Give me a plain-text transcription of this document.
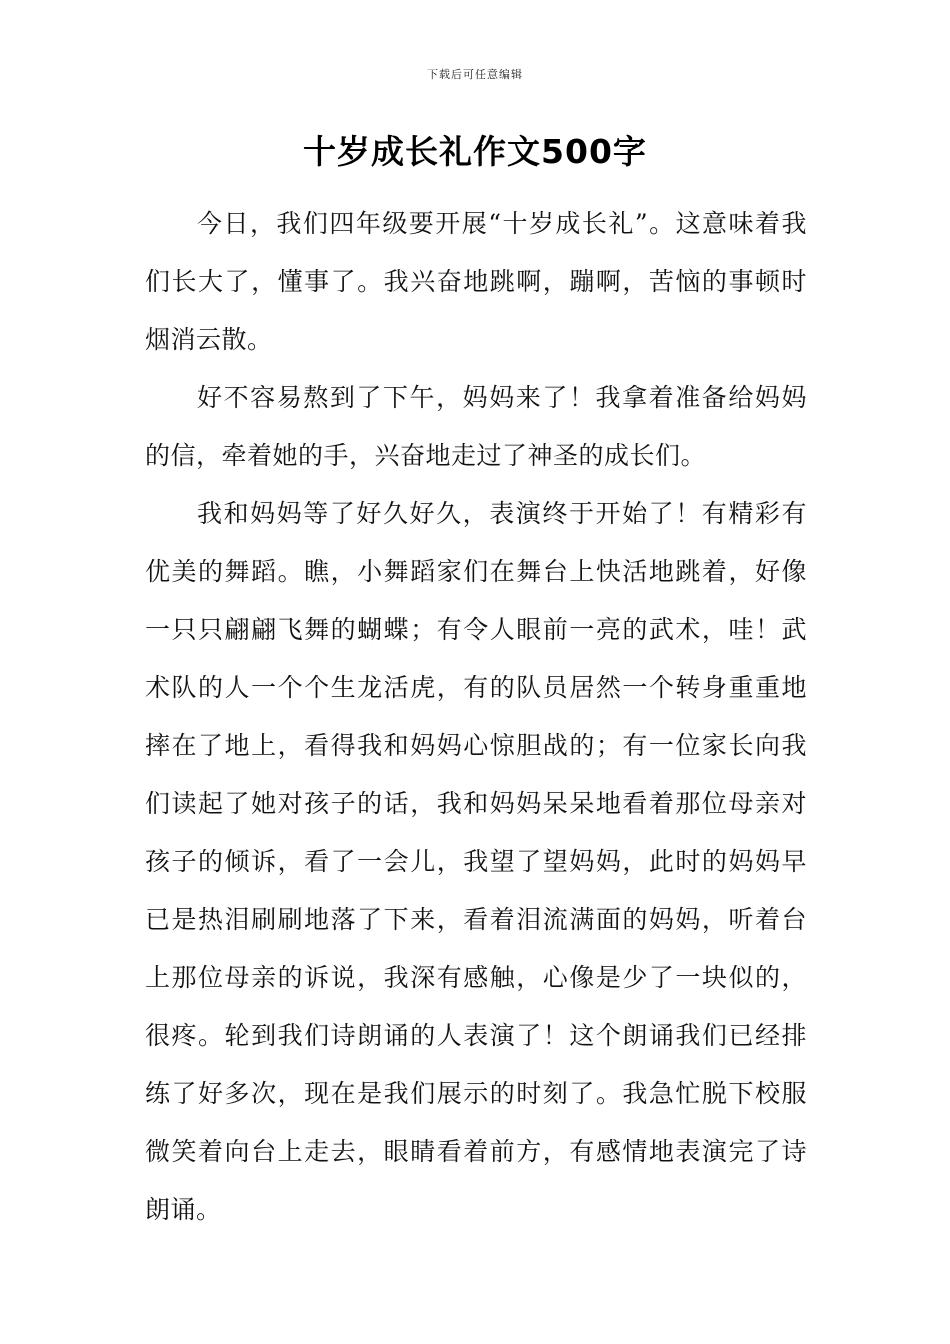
下载后可任意编辑
十岁成长礼作文500字

今日，我们四年级要开展“十岁成长礼”。这意味着我们长大了，懂事了。我兴奋地跳啊，蹦啊，苦恼的事顿时烟消云散。

好不容易熬到了下午，妈妈来了！我拿着准备给妈妈的信，牵着她的手，兴奋地走过了神圣的成长们。

我和妈妈等了好久好久，表演终于开始了！有精彩有优美的舞蹈。瞧，小舞蹈家们在舞台上快活地跳着，好像一只只翩翩飞舞的蝴蝶；有令人眼前一亮的武术，哇！武术队的人一个个生龙活虎，有的队员居然一个转身重重地摔在了地上，看得我和妈妈心惊胆战的；有一位家长向我们读起了她对孩子的话，我和妈妈呆呆地看着那位母亲对孩子的倾诉，看了一会儿，我望了望妈妈，此时的妈妈早已是热泪刷刷地落了下来，看着泪流满面的妈妈，听着台上那位母亲的诉说，我深有感触，心像是少了一块似的，很疼。轮到我们诗朗诵的人表演了！这个朗诵我们已经排练了好多次，现在是我们展示的时刻了。我急忙脱下校服微笑着向台上走去，眼睛看着前方，有感情地表演完了诗朗诵。
